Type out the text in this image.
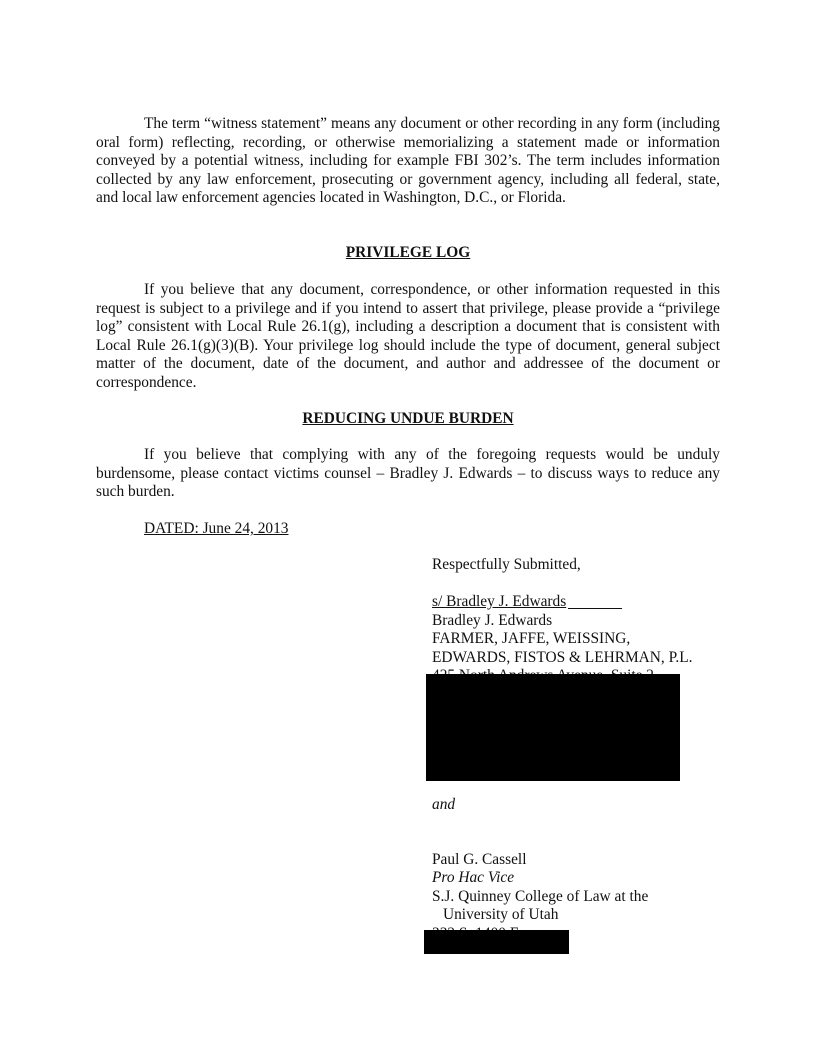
The term “witness statement” means any document or other recording in any form (including oral form) reflecting, recording, or otherwise memorializing a statement made or information conveyed by a potential witness, including for example FBI 302’s. The term includes information collected by any law enforcement, prosecuting or government agency, including all federal, state, and local law enforcement agencies located in Washington, D.C., or Florida.

PRIVILEGE LOG

If you believe that any document, correspondence, or other information requested in this request is subject to a privilege and if you intend to assert that privilege, please provide a “privilege log” consistent with Local Rule 26.1(g), including a description a document that is consistent with Local Rule 26.1(g)(3)(B). Your privilege log should include the type of document, general subject matter of the document, date of the document, and author and addressee of the document or correspondence.

REDUCING UNDUE BURDEN

If you believe that complying with any of the foregoing requests would be unduly burdensome, please contact victims counsel – Bradley J. Edwards – to discuss ways to reduce any such burden.

DATED: June 24, 2013
Respectfully Submitted,
s/ Bradley J. Edwards
Bradley J. Edwards
FARMER, JAFFE, WEISSING,
EDWARDS, FISTOS & LEHRMAN, P.L.
and
Paul G. Cassell
Pro Hac Vice
S.J. Quinney College of Law at the
University of Utah
